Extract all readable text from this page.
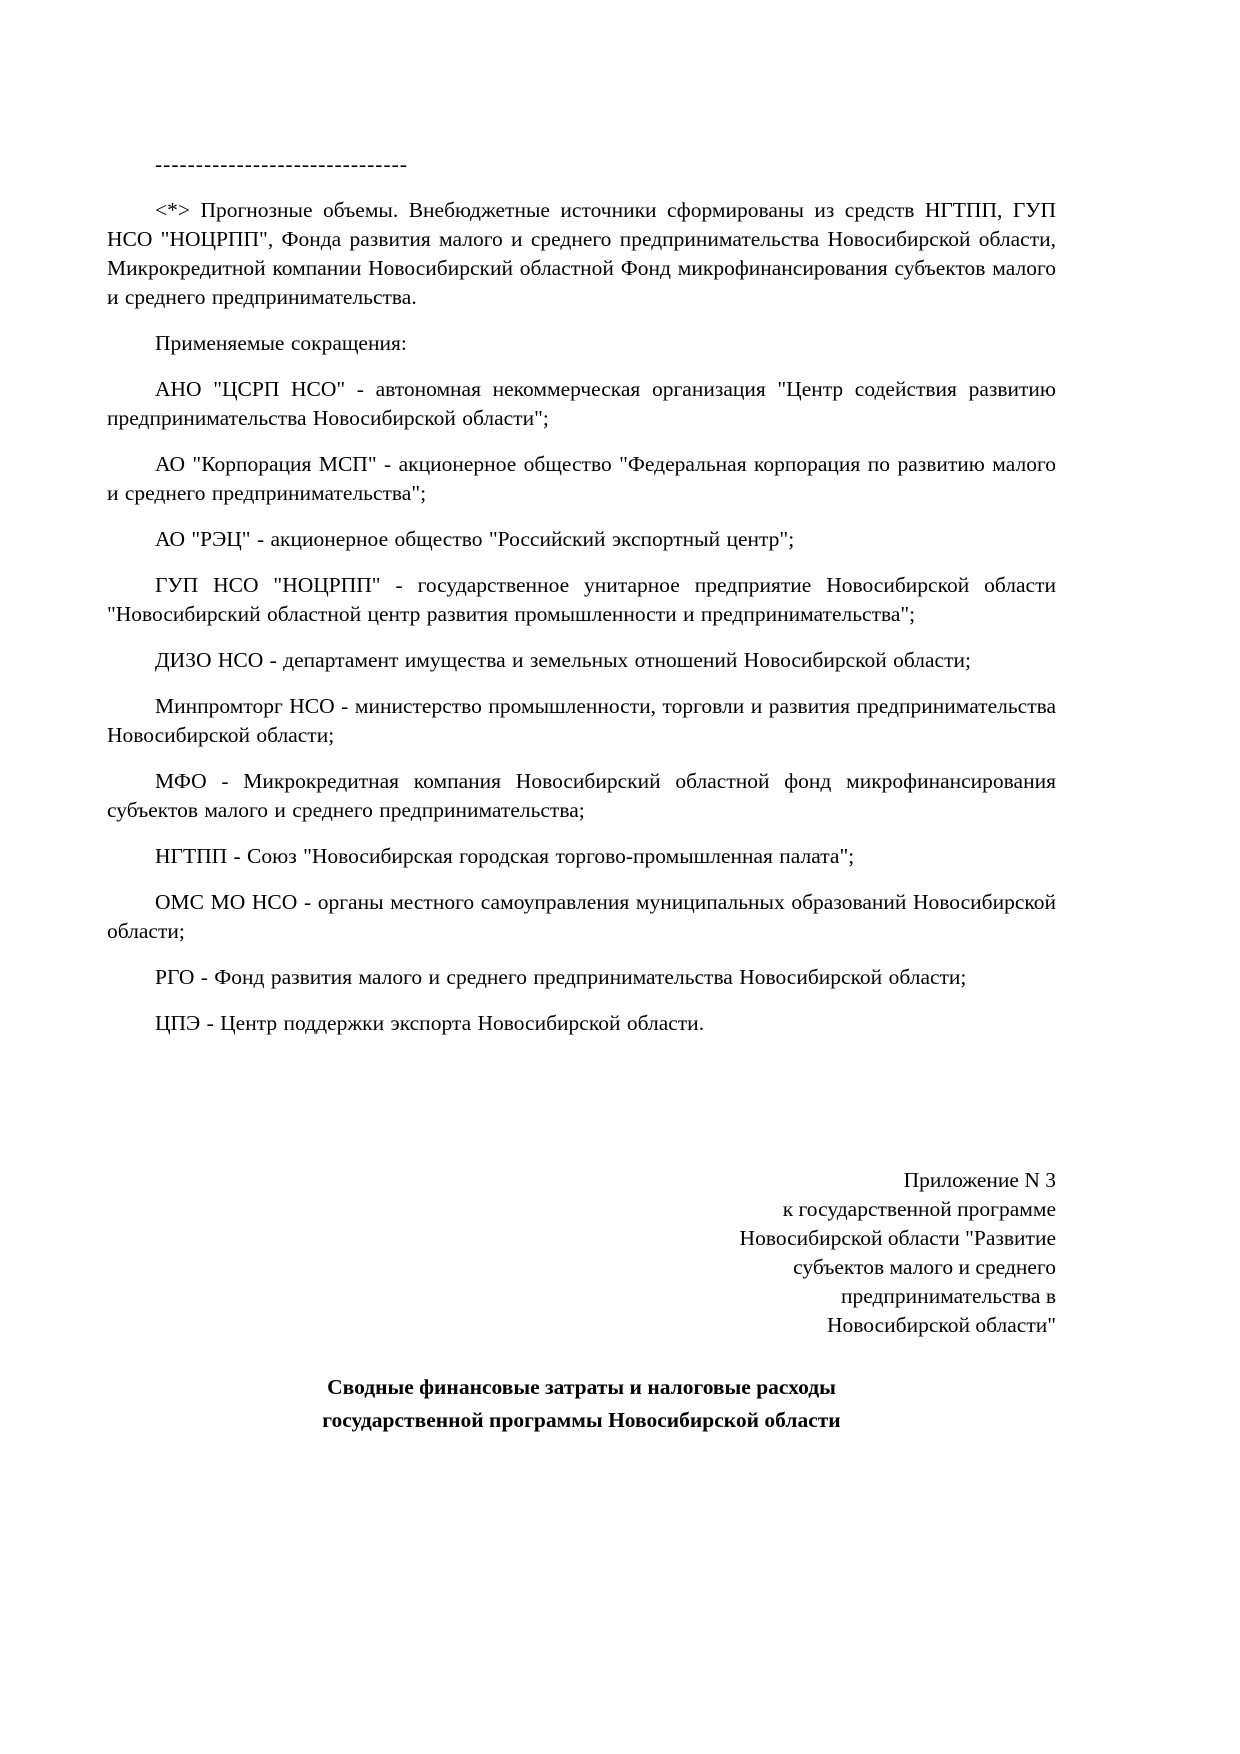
-------------------------------

<*> Прогнозные объемы. Внебюджетные источники сформированы из средств НГТПП, ГУП НСО "НОЦРПП", Фонда развития малого и среднего предпринимательства Новосибирской области, Микрокредитной компании Новосибирский областной Фонд микрофинансирования субъектов малого и среднего предпринимательства.

Применяемые сокращения:

АНО "ЦСРП НСО" - автономная некоммерческая организация "Центр содействия развитию предпринимательства Новосибирской области";

АО "Корпорация МСП" - акционерное общество "Федеральная корпорация по развитию малого и среднего предпринимательства";

АО "РЭЦ" - акционерное общество "Российский экспортный центр";

ГУП НСО "НОЦРПП" - государственное унитарное предприятие Новосибирской области "Новосибирский областной центр развития промышленности и предпринимательства";

ДИЗО НСО - департамент имущества и земельных отношений Новосибирской области;

Минпромторг НСО - министерство промышленности, торговли и развития предпринимательства Новосибирской области;

МФО - Микрокредитная компания Новосибирский областной фонд микрофинансирования субъектов малого и среднего предпринимательства;

НГТПП - Союз "Новосибирская городская торгово-промышленная палата";

ОМС МО НСО - органы местного самоуправления муниципальных образований Новосибирской области;

РГО - Фонд развития малого и среднего предпринимательства Новосибирской области;

ЦПЭ - Центр поддержки экспорта Новосибирской области.

Приложение N 3
к государственной программе
Новосибирской области "Развитие
субъектов малого и среднего
предпринимательства в
Новосибирской области"
Сводные финансовые затраты и налоговые расходы
государственной программы Новосибирской области
